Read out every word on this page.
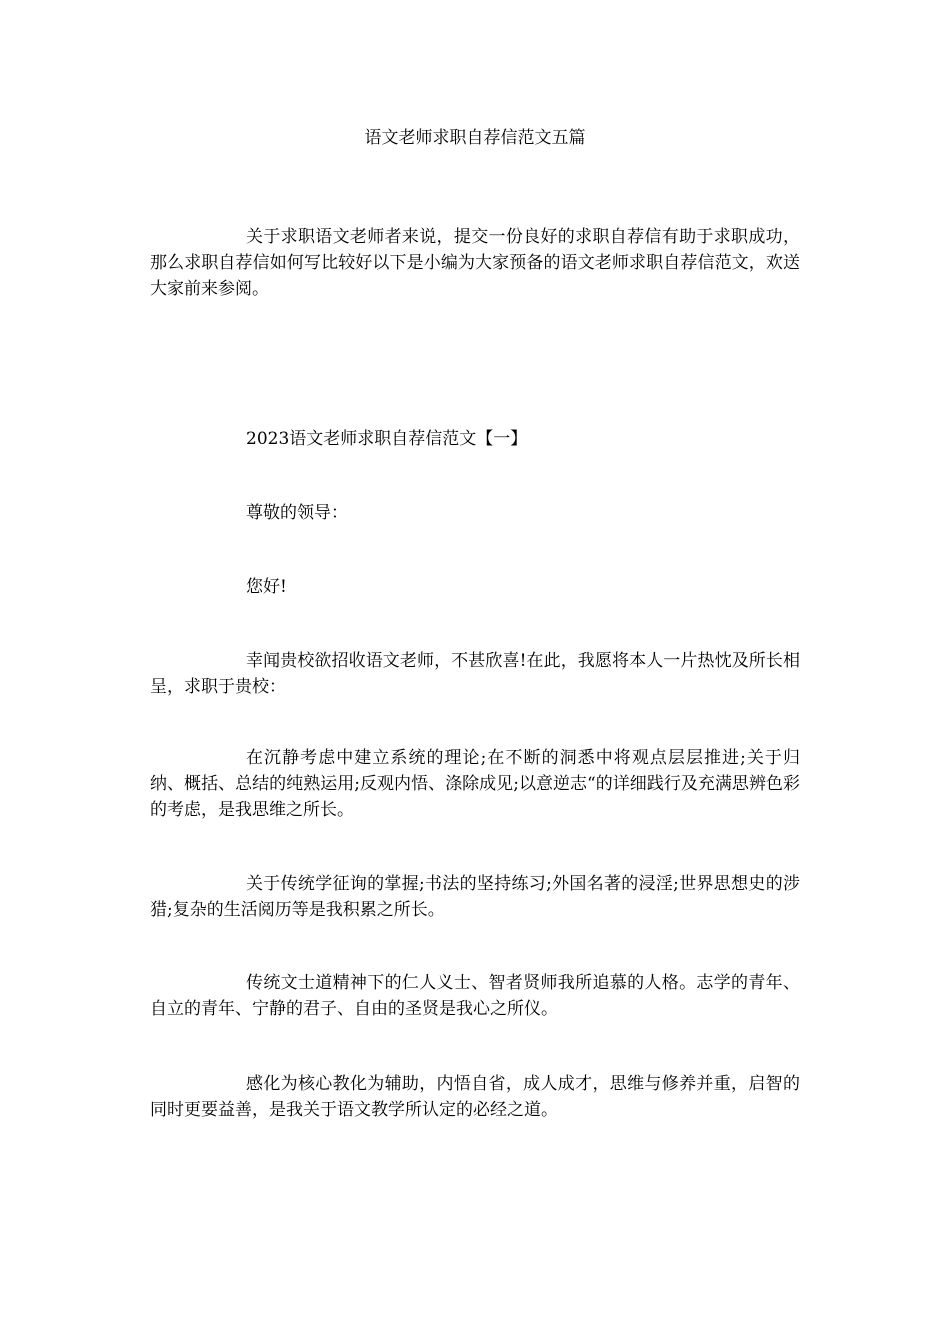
语文老师求职自荐信范文五篇

关于求职语文老师者来说，提交一份良好的求职自荐信有助于求职成功，那么求职自荐信如何写比较好以下是小编为大家预备的语文老师求职自荐信范文，欢送大家前来参阅。

2023语文老师求职自荐信范文【一】

尊敬的领导：

您好!

幸闻贵校欲招收语文老师，不甚欣喜!在此，我愿将本人一片热忱及所长相呈，求职于贵校：

在沉静考虑中建立系统的理论;在不断的洞悉中将观点层层推进;关于归纳、概括、总结的纯熟运用;反观内悟、涤除成见;以意逆志“的详细践行及充满思辨色彩的考虑，是我思维之所长。

关于传统学征询的掌握;书法的坚持练习;外国名著的浸淫;世界思想史的涉猎;复杂的生活阅历等是我积累之所长。

传统文士道精神下的仁人义士、智者贤师我所追慕的人格。志学的青年、自立的青年、宁静的君子、自由的圣贤是我心之所仪。

感化为核心教化为辅助，内悟自省，成人成才，思维与修养并重，启智的同时更要益善，是我关于语文教学所认定的必经之道。
